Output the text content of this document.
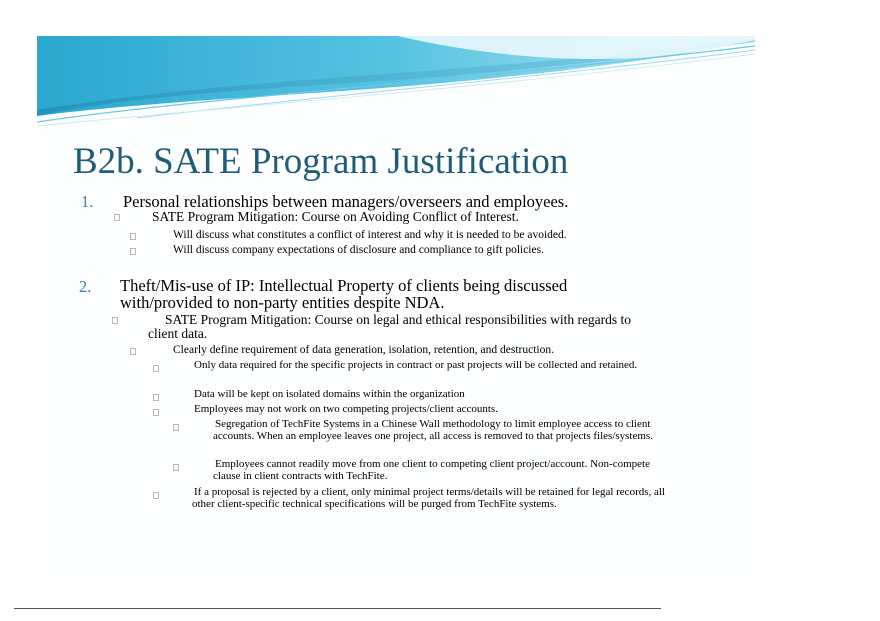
B2b. SATE Program Justification
1. Personal relationships between managers/overseers and employees.
SATE Program Mitigation: Course on Avoiding Conflict of Interest.
Will discuss what constitutes a conflict of interest and why it is needed to be avoided.
Will discuss company expectations of disclosure and compliance to gift policies.
2. Theft/Mis-use of IP: Intellectual Property of clients being discussed
with/provided to non-party entities despite NDA.
SATE Program Mitigation: Course on legal and ethical responsibilities with regards to
client data.
Clearly define requirement of data generation, isolation, retention, and destruction.
Only data required for the specific projects in contract or past projects will be collected and retained.
Data will be kept on isolated domains within the organization
Employees may not work on two competing projects/client accounts.
Segregation of TechFite Systems in a Chinese Wall methodology to limit employee access to client accounts. When an employee leaves one project, all access is removed to that projects files/systems.
Employees cannot readily move from one client to competing client project/account. Non-compete clause in client contracts with TechFite.
If a proposal is rejected by a client, only minimal project terms/details will be retained for legal records, all other client-specific technical specifications will be purged from TechFite systems.
